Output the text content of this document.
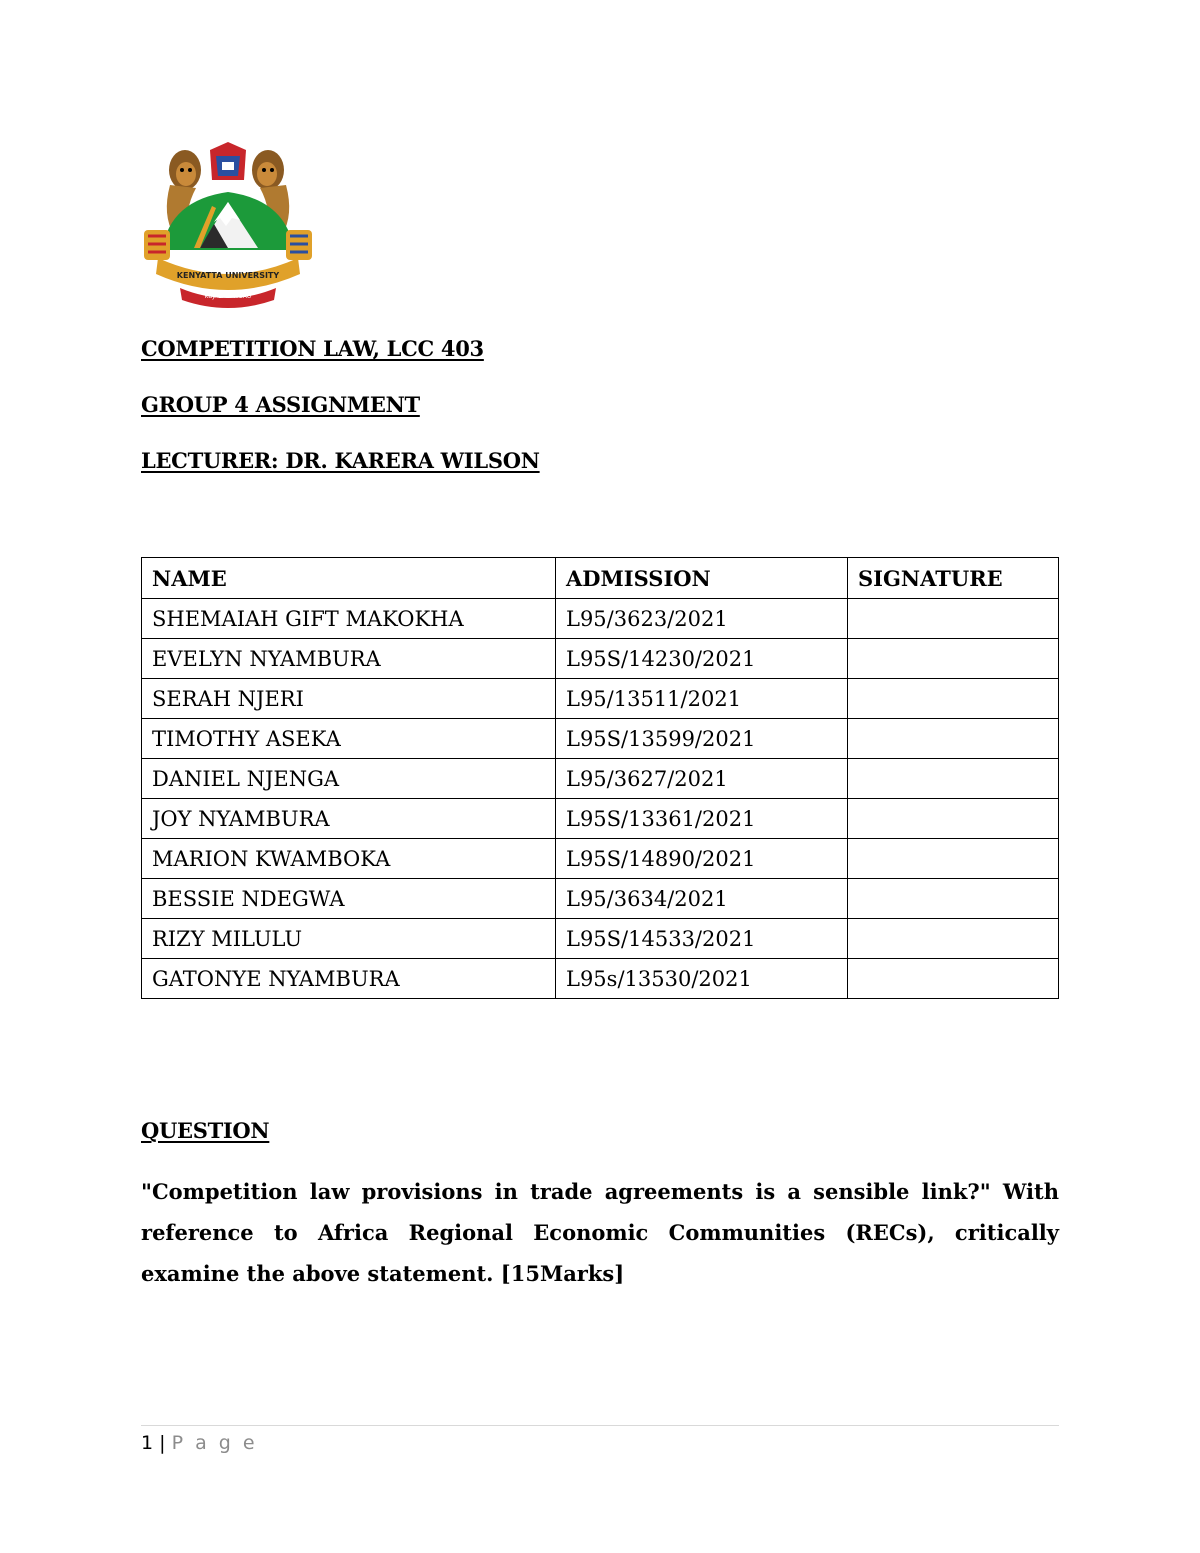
KENYATTA UNIVERSITY
KUJALI NI NGAO
COMPETITION LAW, LCC 403
GROUP 4 ASSIGNMENT
LECTURER: DR. KARERA WILSON
NAME	ADMISSION	SIGNATURE
SHEMAIAH GIFT MAKOKHA	L95/3623/2021	
EVELYN NYAMBURA	L95S/14230/2021	
SERAH NJERI	L95/13511/2021	
TIMOTHY ASEKA	L95S/13599/2021	
DANIEL NJENGA	L95/3627/2021	
JOY NYAMBURA	L95S/13361/2021	
MARION KWAMBOKA	L95S/14890/2021	
BESSIE NDEGWA	L95/3634/2021	
RIZY MILULU	L95S/14533/2021	
GATONYE NYAMBURA	L95s/13530/2021	
QUESTION
"Competition law provisions in trade agreements is a sensible link?" With reference to Africa Regional Economic Communities (RECs), critically examine the above statement. [15Marks]
1 | P a g e
